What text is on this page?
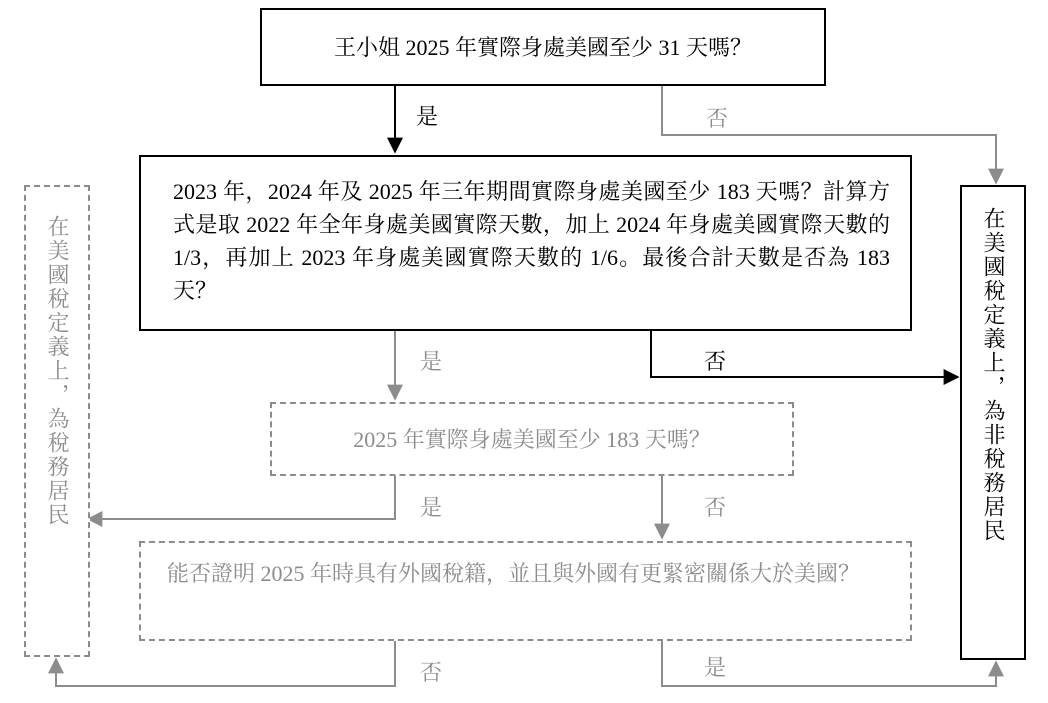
王小姐 2025 年實際身處美國至少 31 天嗎？
2023 年，2024 年及 2025 年三年期間實際身處美國至少 183 天嗎？計算方式是取 2022 年全年身處美國實際天數，加上 2024 年身處美國實際天數的 1/3，再加上 2023 年身處美國實際天數的 1/6。最後合計天數是否為 183 天？
2025 年實際身處美國至少 183 天嗎？
能否證明 2025 年時具有外國稅籍，並且與外國有更緊密關係大於美國？
在美國稅定義上，為稅務居民	在美國稅定義上，為非稅務居民
是	否
是	否
是	否
否	是
